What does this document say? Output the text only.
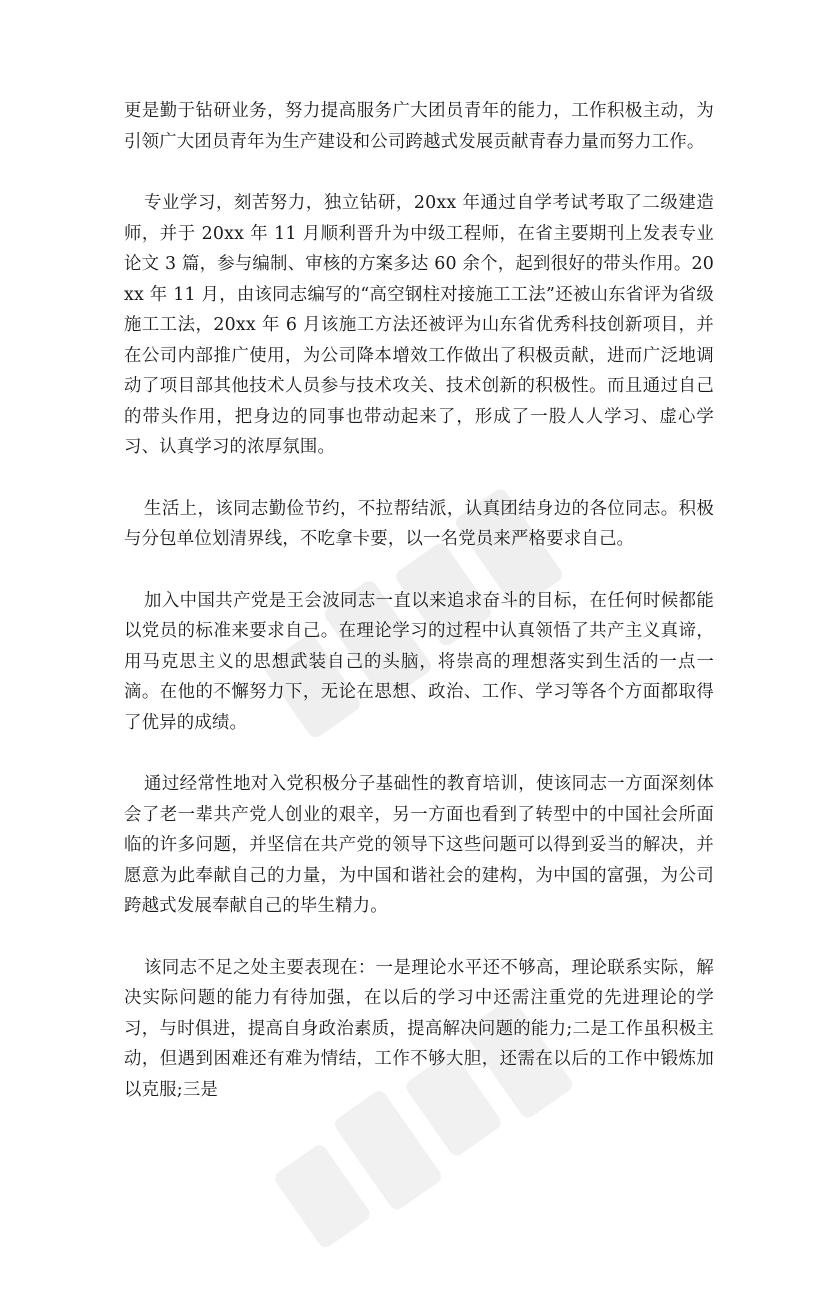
更是勤于钻研业务，努力提高服务广大团员青年的能力，工作积极主动，为引领广大团员青年为生产建设和公司跨越式发展贡献青春力量而努力工作。

专业学习，刻苦努力，独立钻研，20xx 年通过自学考试考取了二级建造师，并于 20xx 年 11 月顺利晋升为中级工程师，在省主要期刊上发表专业论文 3 篇，参与编制、审核的方案多达 60 余个，起到很好的带头作用。20xx 年 11 月，由该同志编写的“高空钢柱对接施工工法”还被山东省评为省级施工工法，20xx 年 6 月该施工方法还被评为山东省优秀科技创新项目，并在公司内部推广使用，为公司降本增效工作做出了积极贡献，进而广泛地调动了项目部其他技术人员参与技术攻关、技术创新的积极性。而且通过自己的带头作用，把身边的同事也带动起来了，形成了一股人人学习、虚心学习、认真学习的浓厚氛围。

生活上，该同志勤俭节约，不拉帮结派，认真团结身边的各位同志。积极与分包单位划清界线，不吃拿卡要，以一名党员来严格要求自己。

加入中国共产党是王会波同志一直以来追求奋斗的目标，在任何时候都能以党员的标准来要求自己。在理论学习的过程中认真领悟了共产主义真谛，用马克思主义的思想武装自己的头脑，将崇高的理想落实到生活的一点一滴。在他的不懈努力下，无论在思想、政治、工作、学习等各个方面都取得了优异的成绩。

通过经常性地对入党积极分子基础性的教育培训，使该同志一方面深刻体会了老一辈共产党人创业的艰辛，另一方面也看到了转型中的中国社会所面临的许多问题，并坚信在共产党的领导下这些问题可以得到妥当的解决，并愿意为此奉献自己的力量，为中国和谐社会的建构，为中国的富强，为公司跨越式发展奉献自己的毕生精力。

该同志不足之处主要表现在：一是理论水平还不够高，理论联系实际，解决实际问题的能力有待加强，在以后的学习中还需注重党的先进理论的学习，与时俱进，提高自身政治素质，提高解决问题的能力;二是工作虽积极主动，但遇到困难还有难为情结，工作不够大胆，还需在以后的工作中锻炼加以克服;三是
